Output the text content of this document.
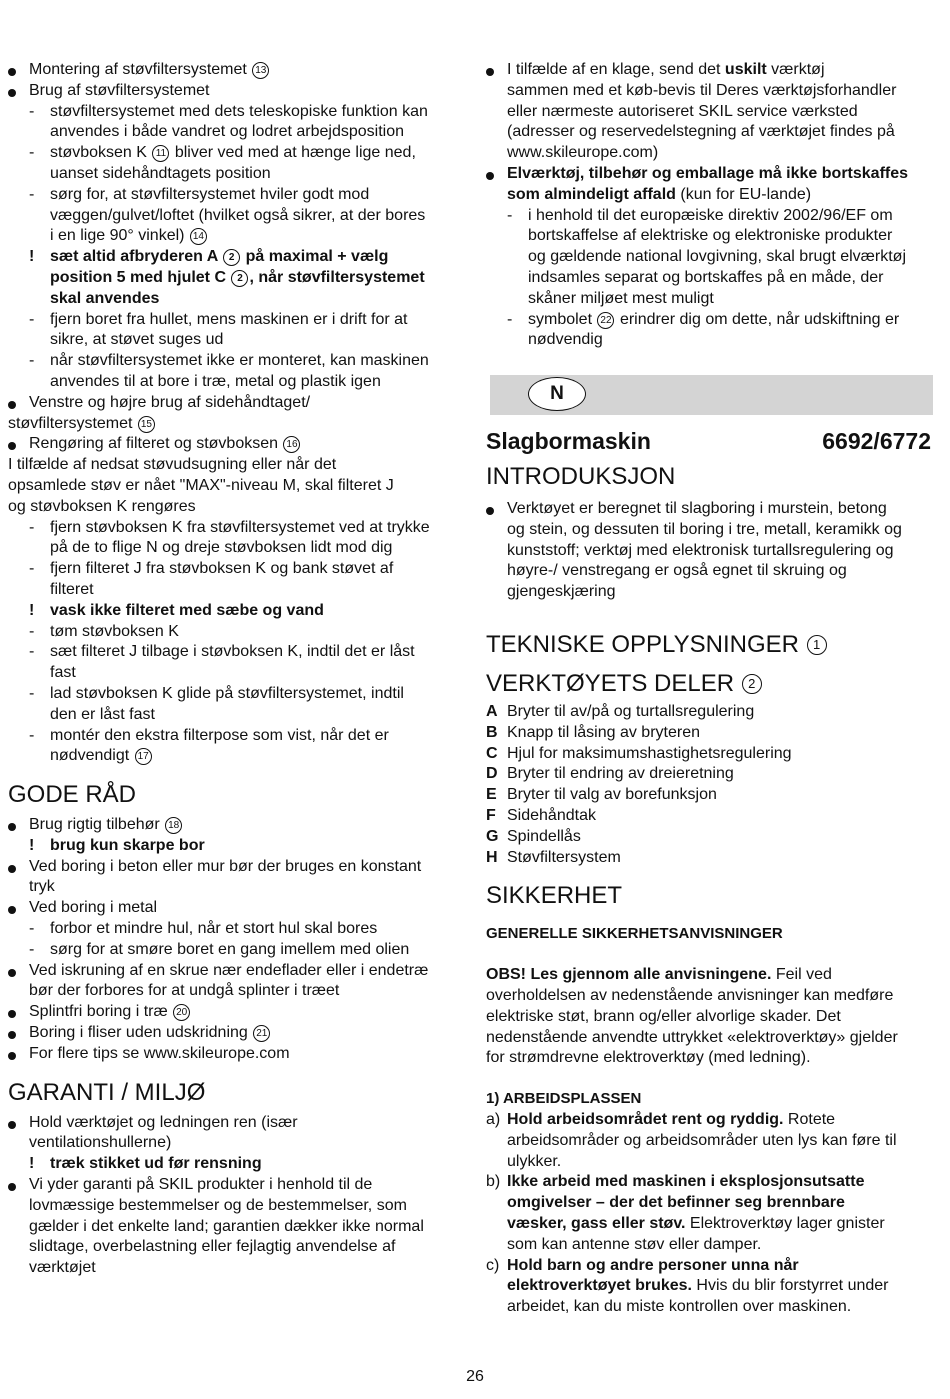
Montering af støvfiltersystemet 13
Brug af støvfiltersystemet
- støvfiltersystemet med dets teleskopiske funktion kan
anvendes i både vandret og lodret arbejdsposition
- støvboksen K 11 bliver ved med at hænge lige ned,
uanset sidehåndtagets position
- sørg for, at støvfiltersystemet hviler godt mod
væggen/gulvet/loftet (hvilket også sikrer, at der bores
i en lige 90° vinkel) 14
! sæt altid afbryderen A 2 på maximal + vælg
position 5 med hjulet C 2 , når støvfiltersystemet
skal anvendes
- fjern boret fra hullet, mens maskinen er i drift for at
sikre, at støvet suges ud
- når støvfiltersystemet ikke er monteret, kan maskinen
anvendes til at bore i træ, metal og plastik igen
Venstre og højre brug af sidehåndtaget/
støvfiltersystemet 15
Rengøring af filteret og støvboksen 16
I tilfælde af nedsat støvudsugning eller når det
opsamlede støv er nået "MAX"-niveau M, skal filteret J
og støvboksen K rengøres
- fjern støvboksen K fra støvfiltersystemet ved at trykke
på de to flige N og dreje støvboksen lidt mod dig
- fjern filteret J fra støvboksen K og bank støvet af
filteret
! vask ikke filteret med sæbe og vand
- tøm støvboksen K
- sæt filteret J tilbage i støvboksen K, indtil det er låst
fast
- lad støvboksen K glide på støvfiltersystemet, indtil
den er låst fast
- montér den ekstra filterpose som vist, når det er
nødvendigt 17
GODE RÅD
Brug rigtig tilbehør 18
! brug kun skarpe bor
Ved boring i beton eller mur bør der bruges en konstant
tryk
Ved boring i metal
- forbor et mindre hul, når et stort hul skal bores
- sørg for at smøre boret en gang imellem med olien
Ved iskruning af en skrue nær endeflader eller i endetræ
bør der forbores for at undgå splinter i træet
Splintfri boring i træ 20
Boring i fliser uden udskridning 21
For flere tips se www.skileurope.com
GARANTI / MILJØ
Hold værktøjet og ledningen ren (især
ventilationshullerne)
! træk stikket ud før rensning
Vi yder garanti på SKIL produkter i henhold til de
lovmæssige bestemmelser og de bestemmelser, som
gælder i det enkelte land; garantien dækker ikke normal
slidtage, overbelastning eller fejlagtig anvendelse af
værktøjet
I tilfælde af en klage, send det uskilt værktøj
sammen med et køb-bevis til Deres værktøjsforhandler
eller nærmeste autoriseret SKIL service værksted
(adresser og reservedelstegning af værktøjet findes på
www.skileurope.com)
Elværktøj, tilbehør og emballage må ikke bortskaffes
som almindeligt affald (kun for EU-lande)
- i henhold til det europæiske direktiv 2002/96/EF om
bortskaffelse af elektriske og elektroniske produkter
og gældende national lovgivning, skal brugt elværktøj
indsamles separat og bortskaffes på en måde, der
skåner miljøet mest muligt
- symbolet 22 erindrer dig om dette, når udskiftning er
nødvendig
N
Slagbormaskin	6692/6772
INTRODUKSJON
Verktøyet er beregnet til slagboring i murstein, betong
og stein, og dessuten til boring i tre, metall, keramikk og
kunststoff; verktøj med elektronisk turtallsregulering og
høyre-/ venstregang er også egnet til skruing og
gjengeskjæring
TEKNISKE OPPLYSNINGER 1
VERKTØYETS DELER 2
A Bryter til av/på og turtallsregulering
B Knapp til låsing av bryteren
C Hjul for maksimumshastighetsregulering
D Bryter til endring av dreieretning
E Bryter til valg av borefunksjon
F Sidehåndtak
G Spindellås
H Støvfiltersystem
SIKKERHET
GENERELLE SIKKERHETSANVISNINGER
OBS! Les gjennom alle anvisningene. Feil ved
overholdelsen av nedenstående anvisninger kan medføre
elektriske støt, brann og/eller alvorlige skader. Det
nedenstående anvendte uttrykket «elektroverktøy» gjelder
for strømdrevne elektroverktøy (med ledning).
1) ARBEIDSPLASSEN
a) Hold arbeidsområdet rent og ryddig. Rotete
arbeidsområder og arbeidsområder uten lys kan føre til
ulykker.
b) Ikke arbeid med maskinen i eksplosjonsutsatte
omgivelser – der det befinner seg brennbare
væsker, gass eller støv. Elektroverktøy lager gnister
som kan antenne støv eller damper.
c) Hold barn og andre personer unna når
elektroverktøyet brukes. Hvis du blir forstyrret under
arbeidet, kan du miste kontrollen over maskinen.
26
